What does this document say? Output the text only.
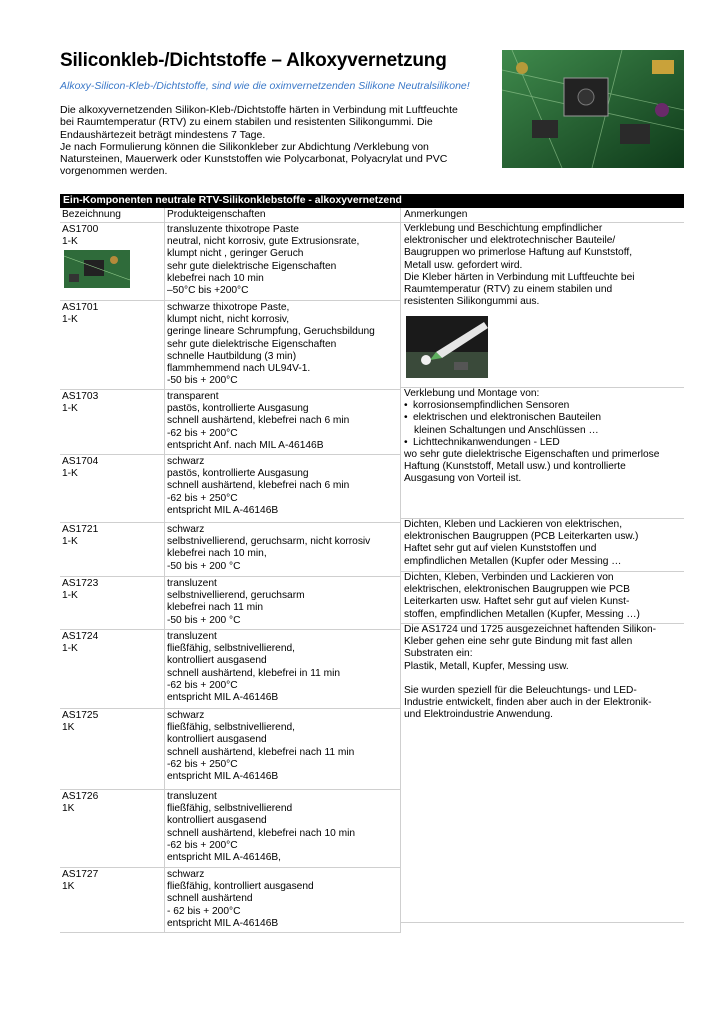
Siliconkleb-/Dichtstoffe – Alkoxyvernetzung
Alkoxy-Silicon-Kleb-/Dichtstoffe, sind wie die oximvernetzenden Silikone Neutralsilikone!
Die alkoxyvernetzenden Silikon-Kleb-/Dichtstoffe härten in Verbindung mit Luftfeuchte
bei Raumtemperatur (RTV) zu einem stabilen und resistenten Silikongummi. Die
Endaushärtezeit beträgt mindestens 7 Tage.
Je nach Formulierung können die Silikonkleber zur Abdichtung /Verklebung von
Natursteinen, Mauerwerk oder Kunststoffen wie Polycarbonat, Polyacrylat und PVC
vorgenommen werden.
Ein-Komponenten neutrale RTV-Silikonklebstoffe - alkoxyvernetzend
Bezeichnung	Produkteigenschaften	Anmerkungen
AS1700
1-K
transluzente thixotrope Paste
neutral, nicht korrosiv, gute Extrusionsrate,
klumpt nicht , geringer Geruch
sehr gute dielektrische Eigenschaften
klebefrei nach 10 min
–50°C bis +200°C
AS1701
1-K
schwarze thixotrope Paste,
klumpt nicht, nicht korrosiv,
geringe lineare Schrumpfung, Geruchsbildung
sehr gute dielektrische Eigenschaften
schnelle Hautbildung (3 min)
flammhemmend nach UL94V-1.
-50 bis + 200°C
AS1703
1-K
transparent
pastös, kontrollierte Ausgasung
schnell aushärtend, klebefrei nach 6 min
-62 bis + 200°C
entspricht Anf. nach MIL A-46146B
AS1704
1-K
schwarz
pastös, kontrollierte Ausgasung
schnell aushärtend, klebefrei nach 6 min
-62 bis + 250°C
entspricht MIL A-46146B
AS1721
1-K
schwarz
selbstnivellierend, geruchsarm, nicht korrosiv
klebefrei nach 10 min,
-50 bis + 200 °C
AS1723
1-K
transluzent
selbstnivellierend, geruchsarm
klebefrei nach 11 min
-50 bis + 200 °C
AS1724
1-K
transluzent
fließfähig, selbstnivellierend,
kontrolliert ausgasend
schnell aushärtend, klebefrei in 11 min
-62 bis + 200°C
entspricht MIL A-46146B
AS1725
1K
schwarz
fließfähig, selbstnivellierend,
kontrolliert ausgasend
schnell aushärtend, klebefrei nach 11 min
-62 bis + 250°C
entspricht MIL A-46146B
AS1726
1K
transluzent
fließfähig, selbstnivellierend
kontrolliert ausgasend
schnell aushärtend, klebefrei nach 10 min
-62 bis + 200°C
entspricht MIL A-46146B,
AS1727
1K
schwarz
fließfähig, kontrolliert ausgasend
schnell aushärtend
- 62 bis + 200°C
entspricht MIL A-46146B
Verklebung und Beschichtung empfindlicher
elektronischer und elektrotechnischer Bauteile/
Baugruppen wo primerlose Haftung auf Kunststoff,
Metall usw. gefordert wird.
Die Kleber härten in Verbindung mit Luftfeuchte bei
Raumtemperatur (RTV) zu einem stabilen und
resistenten Silikongummi aus.
Verklebung und Montage von:
• korrosionsempfindlichen Sensoren
• elektrischen und elektronischen Bauteilen
kleinen Schaltungen und Anschlüssen …
• Lichttechnikanwendungen - LED
wo sehr gute dielektrische Eigenschaften und primerlose
Haftung (Kunststoff, Metall usw.) und kontrollierte
Ausgasung von Vorteil ist.
Dichten, Kleben und Lackieren von elektrischen,
elektronischen Baugruppen (PCB Leiterkarten usw.)
Haftet sehr gut auf vielen Kunststoffen und
empfindlichen Metallen (Kupfer oder Messing …
Dichten, Kleben, Verbinden und Lackieren von
elektrischen, elektronischen Baugruppen wie PCB
Leiterkarten usw. Haftet sehr gut auf vielen Kunst-
stoffen, empfindlichen Metallen (Kupfer, Messing …)
Die AS1724 und 1725 ausgezeichnet haftenden Silikon-
Kleber gehen eine sehr gute Bindung mit fast allen
Substraten ein:
Plastik, Metall, Kupfer, Messing usw.
Sie wurden speziell für die Beleuchtungs- und LED-
Industrie entwickelt, finden aber auch in der Elektronik-
und Elektroindustrie Anwendung.
